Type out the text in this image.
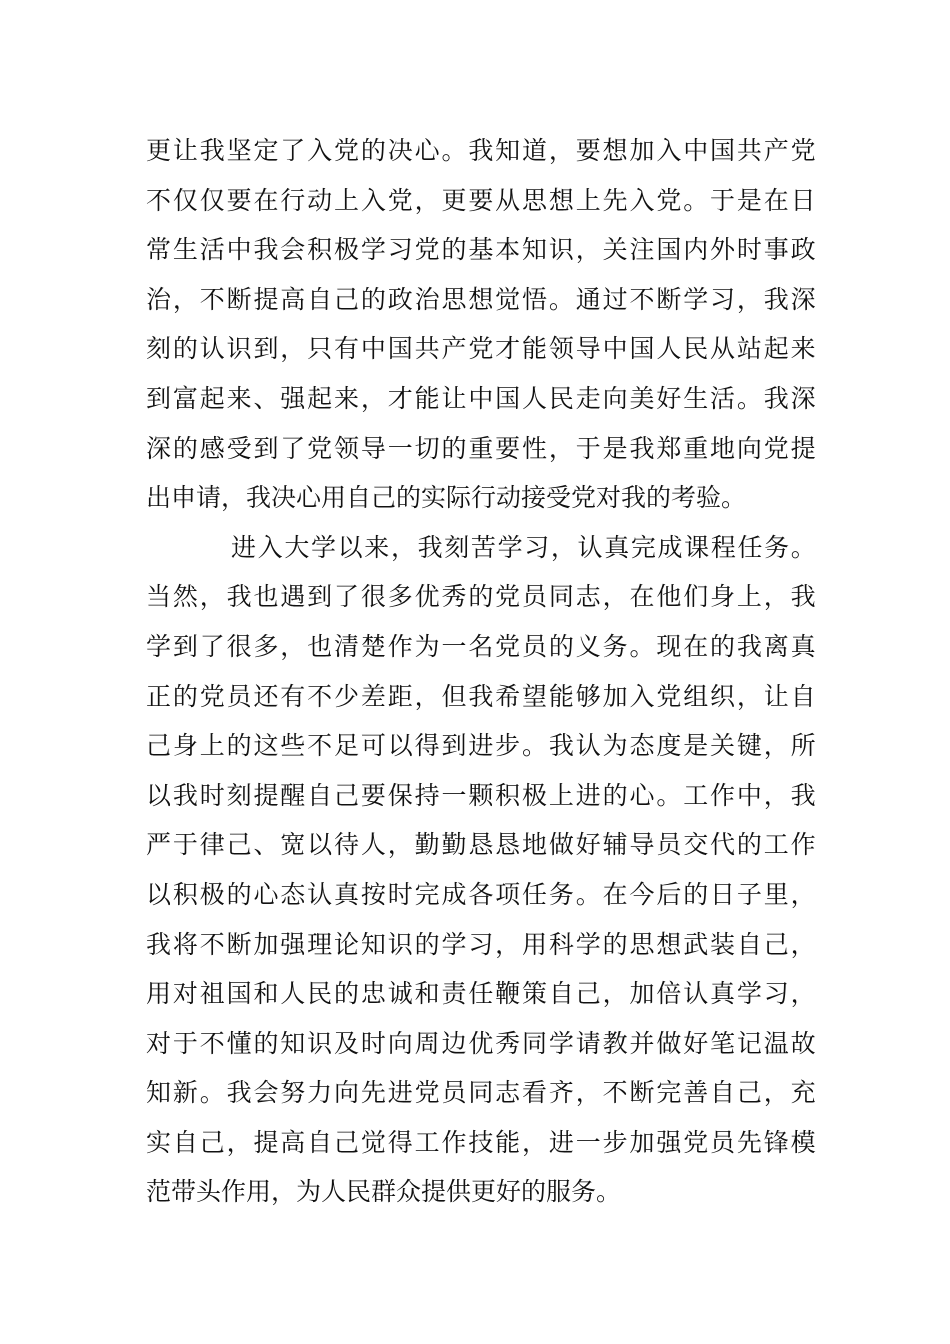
更 让 我 坚 定 了 入 党 的 决 心 。 我 知 道 ， 要 想 加 入 中 国 共 产 党
不 仅 仅 要 在 行 动 上 入 党 ， 更 要 从 思 想 上 先 入 党 。 于 是 在 日
常 生 活 中 我 会 积 极 学 习 党 的 基 本 知 识 ， 关 注 国 内 外 时 事 政
治 ， 不 断 提 高 自 己 的 政 治 思 想 觉 悟 。 通 过 不 断 学 习 ， 我 深
刻 的 认 识 到 ， 只 有 中 国 共 产 党 才 能 领 导 中 国 人 民 从 站 起 来
到 富 起 来 、 强 起 来 ， 才 能 让 中 国 人 民 走 向 美 好 生 活 。 我 深
深 的 感 受 到 了 党 领 导 一 切 的 重 要 性 ， 于 是 我 郑 重 地 向 党 提
出申请，我决心用自己的实际行动接受党对我的考验。
进 入 大 学 以 来 ， 我 刻 苦 学 习 ， 认 真 完 成 课 程 任 务 。
当 然 ， 我 也 遇 到 了 很 多 优 秀 的 党 员 同 志 ， 在 他 们 身 上 ， 我
学 到 了 很 多 ， 也 清 楚 作 为 一 名 党 员 的 义 务 。 现 在 的 我 离 真
正 的 党 员 还 有 不 少 差 距 ， 但 我 希 望 能 够 加 入 党 组 织 ， 让 自
己 身 上 的 这 些 不 足 可 以 得 到 进 步 。 我 认 为 态 度 是 关 键 ， 所
以 我 时 刻 提 醒 自 己 要 保 持 一 颗 积 极 上 进 的 心 。 工 作 中 ， 我
严 于 律 己 、 宽 以 待 人 ， 勤 勤 恳 恳 地 做 好 辅 导 员 交 代 的 工 作
以 积 极 的 心 态 认 真 按 时 完 成 各 项 任 务 。 在 今 后 的 日 子 里 ，
我 将 不 断 加 强 理 论 知 识 的 学 习 ， 用 科 学 的 思 想 武 装 自 己 ，
用 对 祖 国 和 人 民 的 忠 诚 和 责 任 鞭 策 自 己 ， 加 倍 认 真 学 习 ，
对 于 不 懂 的 知 识 及 时 向 周 边 优 秀 同 学 请 教 并 做 好 笔 记 温 故
知 新 。 我 会 努 力 向 先 进 党 员 同 志 看 齐 ， 不 断 完 善 自 己 ， 充
实 自 己 ， 提 高 自 己 觉 得 工 作 技 能 ， 进 一 步 加 强 党 员 先 锋 模
范带头作用，为人民群众提供更好的服务。
